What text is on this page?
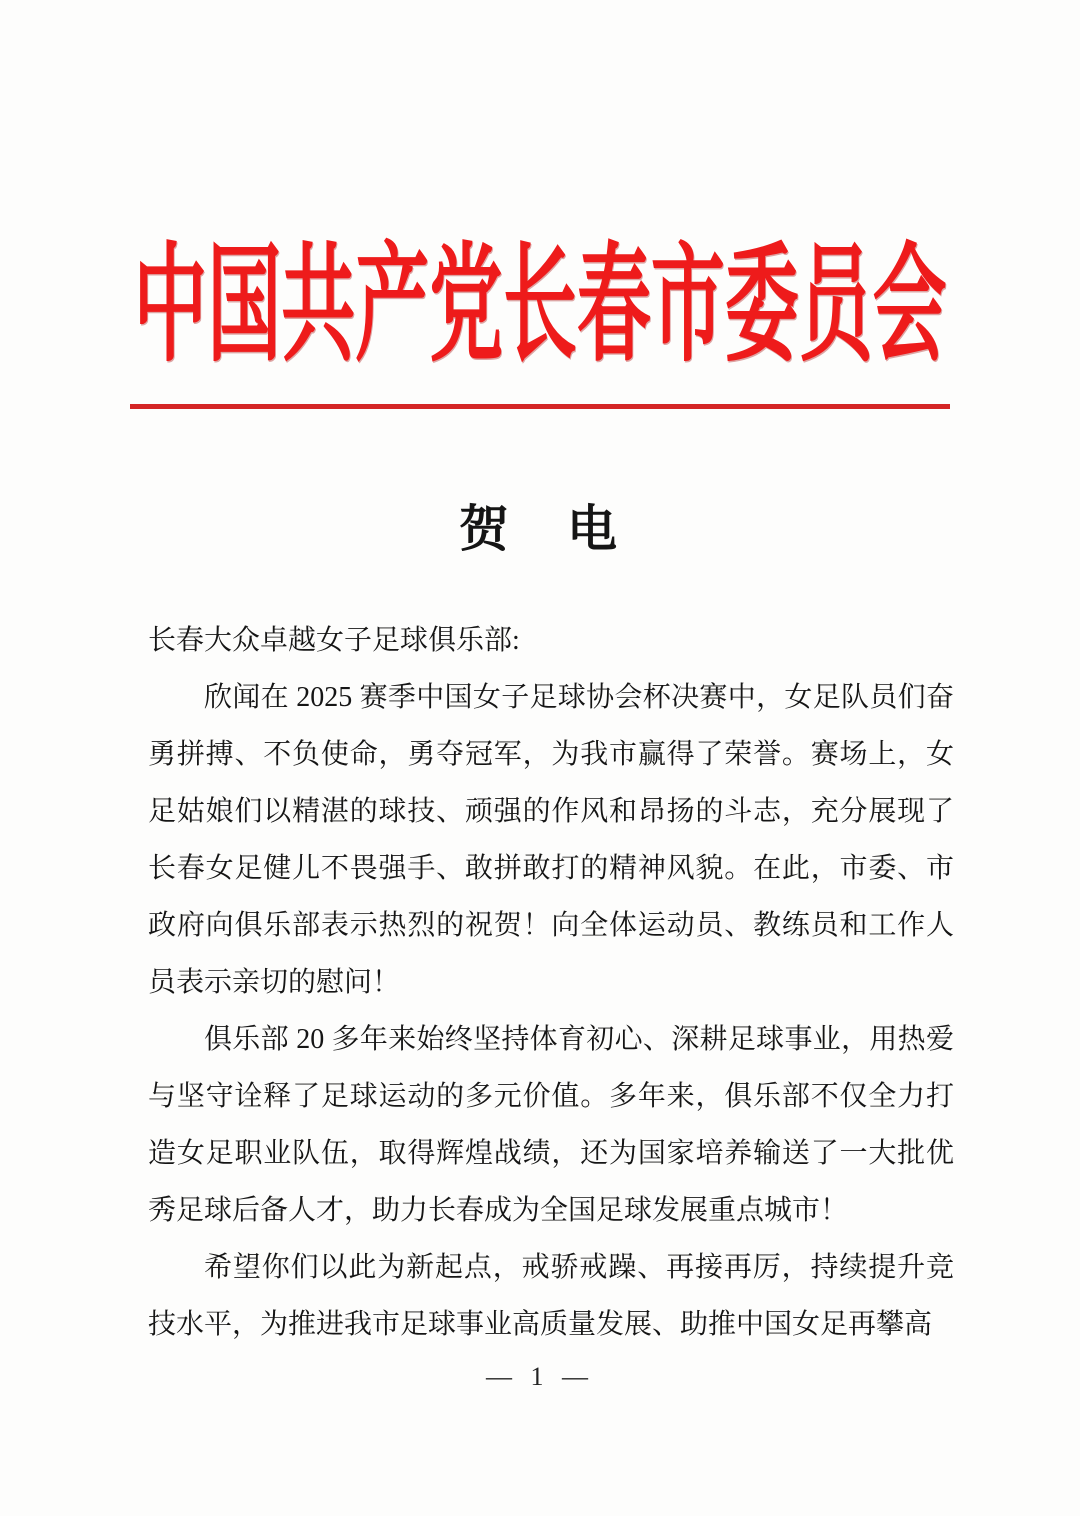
中国共产党长春市委员会
贺　电
长春大众卓越女子足球俱乐部:

欣闻在 2025 赛季中国女子足球协会杯决赛中，女足队员们奋勇拼搏、不负使命，勇夺冠军，为我市赢得了荣誉。赛场上，女足姑娘们以精湛的球技、顽强的作风和昂扬的斗志，充分展现了长春女足健儿不畏强手、敢拼敢打的精神风貌。在此，市委、市政府向俱乐部表示热烈的祝贺！向全体运动员、教练员和工作人员表示亲切的慰问！

俱乐部 20 多年来始终坚持体育初心、深耕足球事业，用热爱与坚守诠释了足球运动的多元价值。多年来，俱乐部不仅全力打造女足职业队伍，取得辉煌战绩，还为国家培养输送了一大批优秀足球后备人才，助力长春成为全国足球发展重点城市！

希望你们以此为新起点，戒骄戒躁、再接再厉，持续提升竞技水平，为推进我市足球事业高质量发展、助推中国女足再攀高

— 1 —
